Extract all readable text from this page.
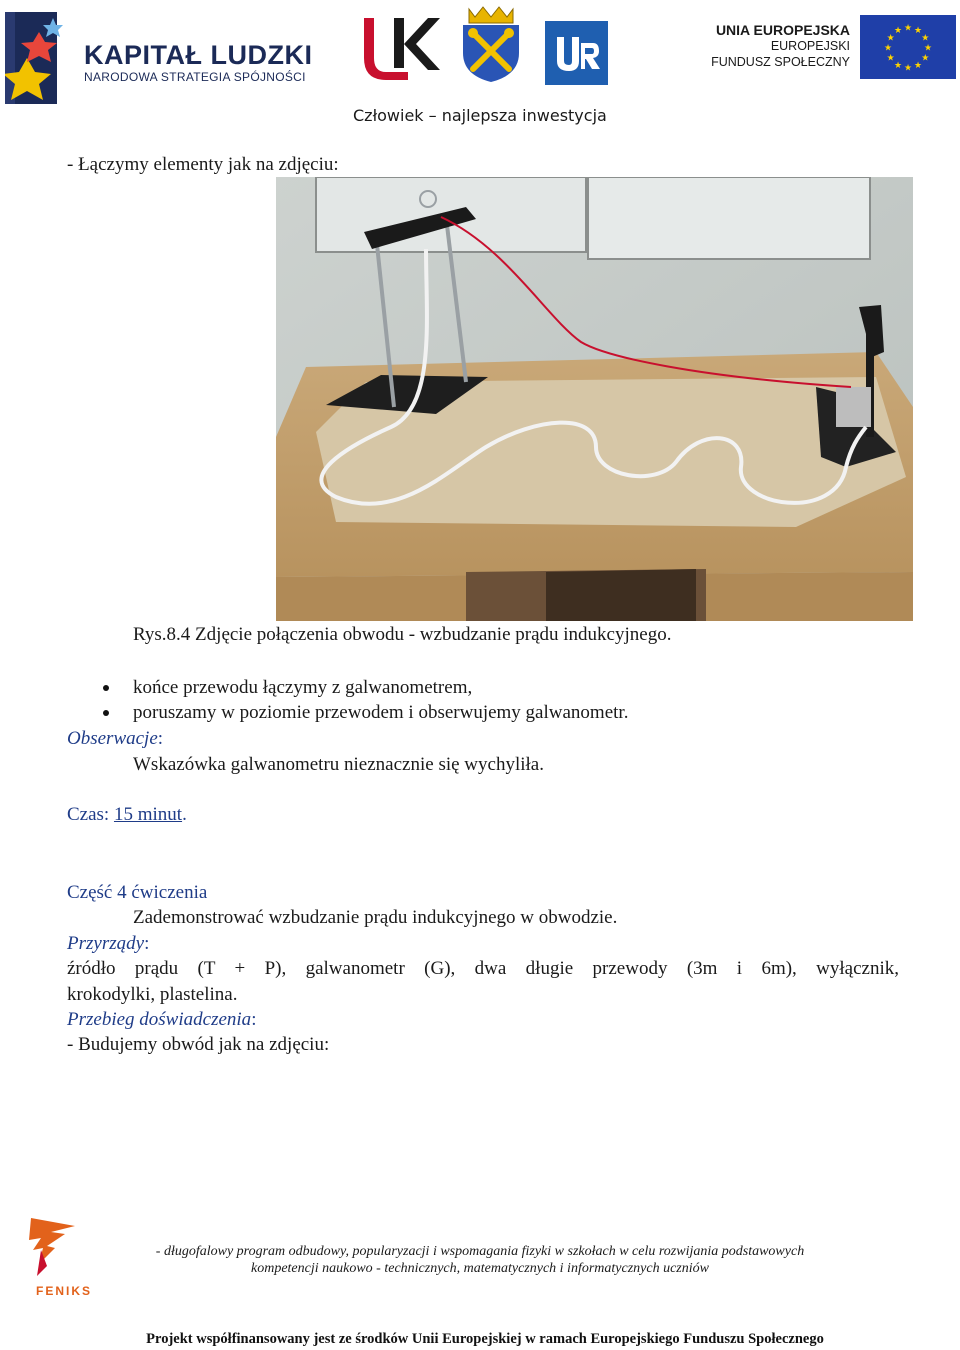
KAPITAŁ LUDZKI
NARODOWA STRATEGIA SPÓJNOŚCI
UNIA EUROPEJSKA
EUROPEJSKI
FUNDUSZ SPOŁECZNY
★ ★
★
★
★
★
★
★
★
★
★
★
Człowiek – najlepsza inwestycja
- Łączymy elementy jak na zdjęciu:
Rys.8.4 Zdjęcie połączenia obwodu - wzbudzanie prądu indukcyjnego.
końce przewodu łączymy z galwanometrem,
poruszamy w poziomie przewodem i obserwujemy galwanometr.
Obserwacje:
Wskazówka galwanometru nieznacznie się wychyliła.
Czas: 15 minut.
Część 4 ćwiczenia
Zademonstrować wzbudzanie prądu indukcyjnego w obwodzie.
Przyrządy:
źródło prądu (T + P), galwanometr (G), dwa długie przewody (3m i 6m), wyłącznik,
krokodylki, plastelina.
Przebieg doświadczenia:
- Budujemy obwód jak na zdjęciu:
FENIKS
- długofalowy program odbudowy, popularyzacji i wspomagania fizyki w szkołach w celu rozwijania podstawowych
kompetencji naukowo - technicznych, matematycznych i informatycznych uczniów
Projekt współfinansowany jest ze środków Unii Europejskiej w ramach Europejskiego Funduszu Społecznego
